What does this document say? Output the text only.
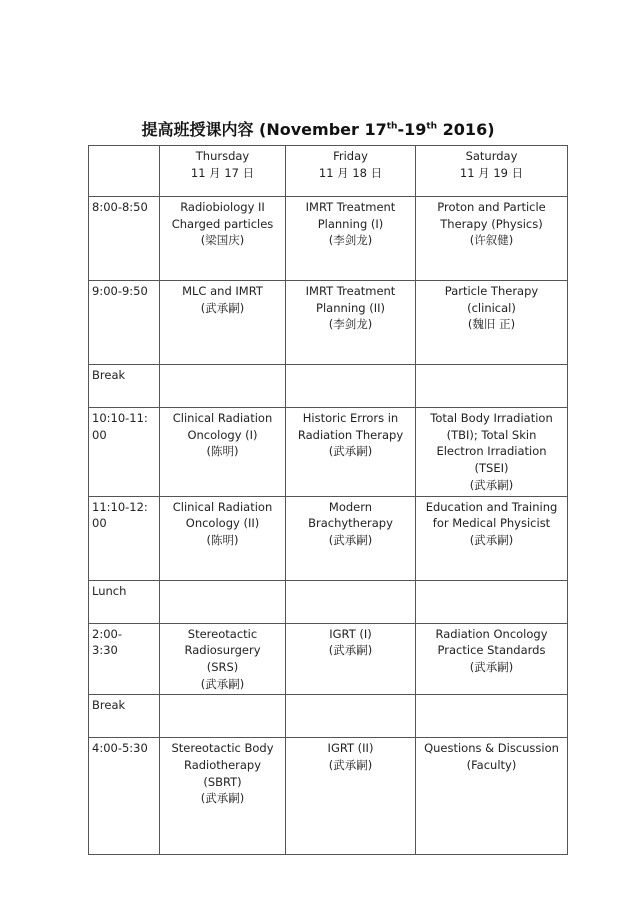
提高班授课内容 (November 17th-19th 2016)

	Thursday
11 月 17 日	Friday
11 月 18 日	Saturday
11 月 19 日

8:00-8:50	Radiobiology II
Charged particles
(梁国庆)	IMRT Treatment
Planning (I)
(李剑龙)	Proton and Particle
Therapy (Physics)
(许叙健)

9:00-9:50	MLC and IMRT
(武承嗣)	IMRT Treatment
Planning (II)
(李剑龙)	Particle Therapy
(clinical)
(魏旧 正)

Break			

10:10-11:
00	Clinical Radiation
Oncology (I)
(陈明)	Historic Errors in
Radiation Therapy
(武承嗣)	Total Body Irradiation
(TBI); Total Skin
Electron Irradiation
(TSEI)
(武承嗣)

11:10-12:
00	Clinical Radiation
Oncology (II)
(陈明)	Modern
Brachytherapy
(武承嗣)	Education and Training
for Medical Physicist
(武承嗣)

Lunch			

2:00-
3:30	Stereotactic
Radiosurgery
(SRS)
(武承嗣)	IGRT (I)
(武承嗣)	Radiation Oncology
Practice Standards
(武承嗣)

Break			

4:00-5:30	Stereotactic Body
Radiotherapy
(SBRT)
(武承嗣)	IGRT (II)
(武承嗣)	Questions & Discussion
(Faculty)
